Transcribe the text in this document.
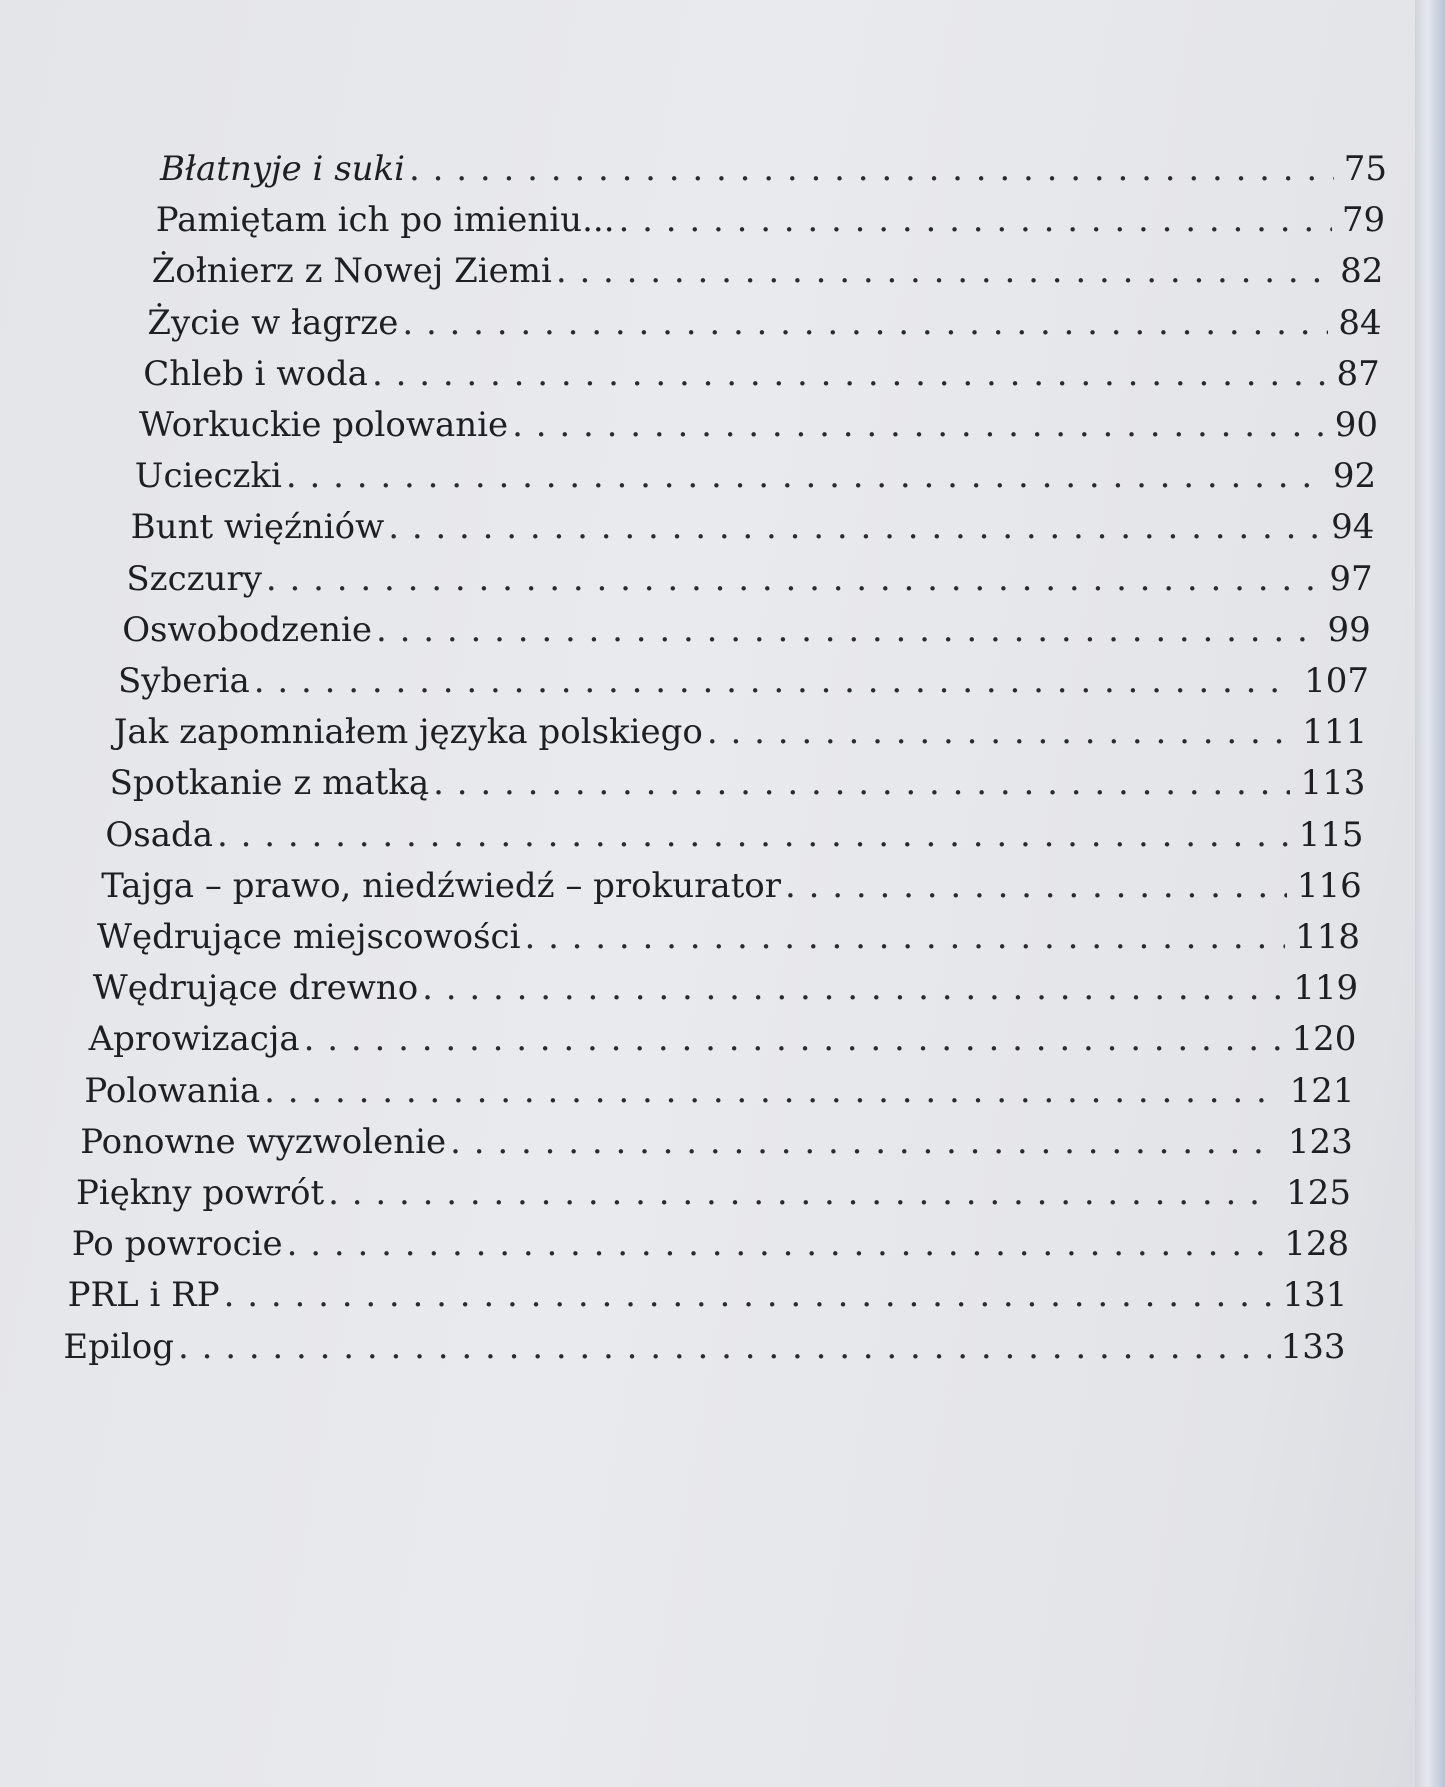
Błatnyje i suki . . .	75
Pamiętam ich po imieniu... . . .	79
Żołnierz z Nowej Ziemi . . .	82
Życie w łagrze . . .	84
Chleb i woda . . .	87
Workuckie polowanie . . .	90
Ucieczki . . .	92
Bunt więźniów . . .	94
Szczury . . .	97
Oswobodzenie . . .	99
Syberia . . .	107
Jak zapomniałem języka polskiego . . .	111
Spotkanie z matką . . .	113
Osada . . .	115
Tajga – prawo, niedźwiedź – prokurator . . .	116
Wędrujące miejscowości . . .	118
Wędrujące drewno . . .	119
Aprowizacja . . .	120
Polowania . . .	121
Ponowne wyzwolenie . . .	123
Piękny powrót . . .	125
Po powrocie . . .	128
PRL i RP . . .	131
Epilog . . .	133
